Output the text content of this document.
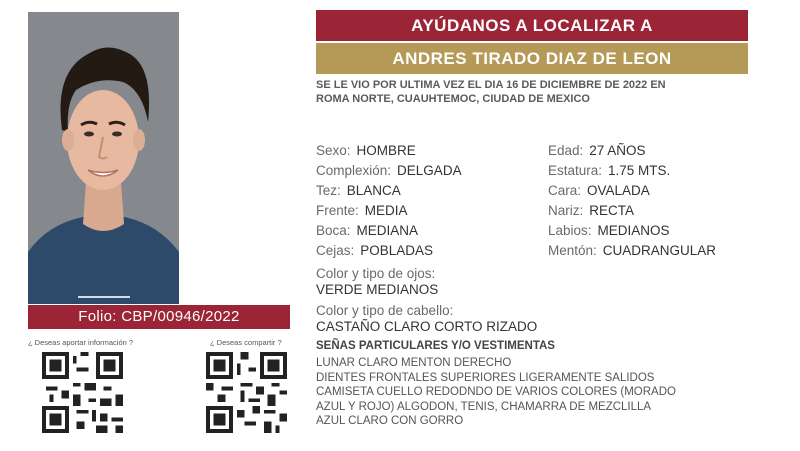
Folio: CBP/00946/2022
¿ Deseas aportar información ?	¿ Deseas compartir ?
AYÚDANOS A LOCALIZAR A
ANDRES TIRADO DIAZ DE LEON
SE LE VIO POR ULTIMA VEZ EL DIA 16 DE DICIEMBRE DE 2022 EN
ROMA NORTE, CUAUHTEMOC, CIUDAD DE MEXICO
Sexo: HOMBRE
Complexión: DELGADA
Tez: BLANCA
Frente: MEDIA
Boca: MEDIANA
Cejas: POBLADAS
Edad: 27 AÑOS
Estatura: 1.75 MTS.
Cara: OVALADA
Nariz: RECTA
Labios: MEDIANOS
Mentón: CUADRANGULAR
Color y tipo de ojos:
VERDE MEDIANOS
Color y tipo de cabello:
CASTAÑO CLARO CORTO RIZADO
SEÑAS PARTICULARES Y/O VESTIMENTAS
LUNAR CLARO MENTON DERECHO
DIENTES FRONTALES SUPERIORES LIGERAMENTE SALIDOS
CAMISETA CUELLO REDODNDO DE VARIOS COLORES (MORADO
AZUL Y ROJO) ALGODON, TENIS, CHAMARRA DE MEZCLILLA
AZUL CLARO CON GORRO
